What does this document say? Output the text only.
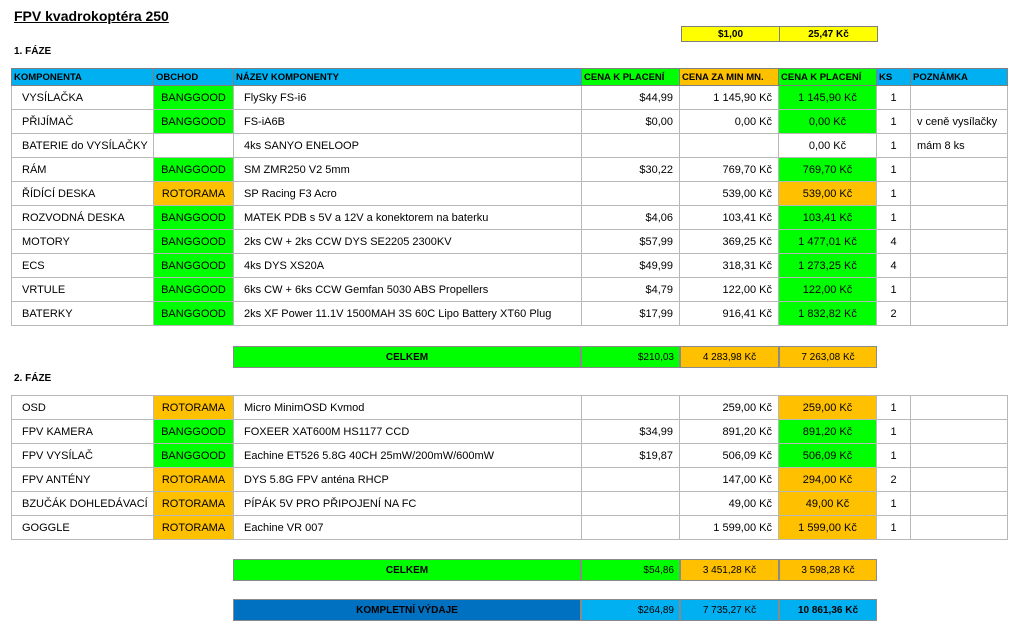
FPV kvadrokoptéra 250
$1,00	25,47 Kč
1. FÁZE
KOMPONENTA	OBCHOD	NÁZEV KOMPONENTY	CENA K PLACENÍ	CENA ZA MIN MN.	CENA K PLACENÍ	KS	POZNÁMKA
VYSÍLAČKA	BANGGOOD	FlySky FS-i6	$44,99	1 145,90 Kč	1 145,90 Kč	1	
PŘIJÍMAČ	BANGGOOD	FS-iA6B	$0,00	0,00 Kč	0,00 Kč	1	v ceně vysílačky
BATERIE do VYSÍLAČKY		4ks SANYO ENELOOP			0,00 Kč	1	mám 8 ks
RÁM	BANGGOOD	SM ZMR250 V2 5mm	$30,22	769,70 Kč	769,70 Kč	1	
ŘÍDÍCÍ DESKA	ROTORAMA	SP Racing F3 Acro		539,00 Kč	539,00 Kč	1	
ROZVODNÁ DESKA	BANGGOOD	MATEK PDB s 5V a 12V a konektorem na baterku	$4,06	103,41 Kč	103,41 Kč	1	
MOTORY	BANGGOOD	2ks CW + 2ks CCW DYS SE2205 2300KV	$57,99	369,25 Kč	1 477,01 Kč	4	
ECS	BANGGOOD	4ks DYS XS20A	$49,99	318,31 Kč	1 273,25 Kč	4	
VRTULE	BANGGOOD	6ks CW + 6ks CCW Gemfan 5030 ABS Propellers	$4,79	122,00 Kč	122,00 Kč	1	
BATERKY	BANGGOOD	2ks XF Power 11.1V 1500MAH 3S 60C Lipo Battery XT60 Plug	$17,99	916,41 Kč	1 832,82 Kč	2	
CELKEM	$210,03	4 283,98 Kč	7 263,08 Kč
2. FÁZE
OSD	ROTORAMA	Micro MinimOSD Kvmod		259,00 Kč	259,00 Kč	1	
FPV KAMERA	BANGGOOD	FOXEER XAT600M HS1177 CCD	$34,99	891,20 Kč	891,20 Kč	1	
FPV VYSÍLAČ	BANGGOOD	Eachine ET526 5.8G 40CH 25mW/200mW/600mW	$19,87	506,09 Kč	506,09 Kč	1	
FPV ANTÉNY	ROTORAMA	DYS 5.8G FPV anténa RHCP		147,00 Kč	294,00 Kč	2	
BZUČÁK DOHLEDÁVACÍ	ROTORAMA	PÍPÁK 5V PRO PŘIPOJENÍ NA FC		49,00 Kč	49,00 Kč	1	
GOGGLE	ROTORAMA	Eachine VR 007		1 599,00 Kč	1 599,00 Kč	1	
CELKEM	$54,86	3 451,28 Kč	3 598,28 Kč
KOMPLETNÍ VÝDAJE	$264,89	7 735,27 Kč	10 861,36 Kč
